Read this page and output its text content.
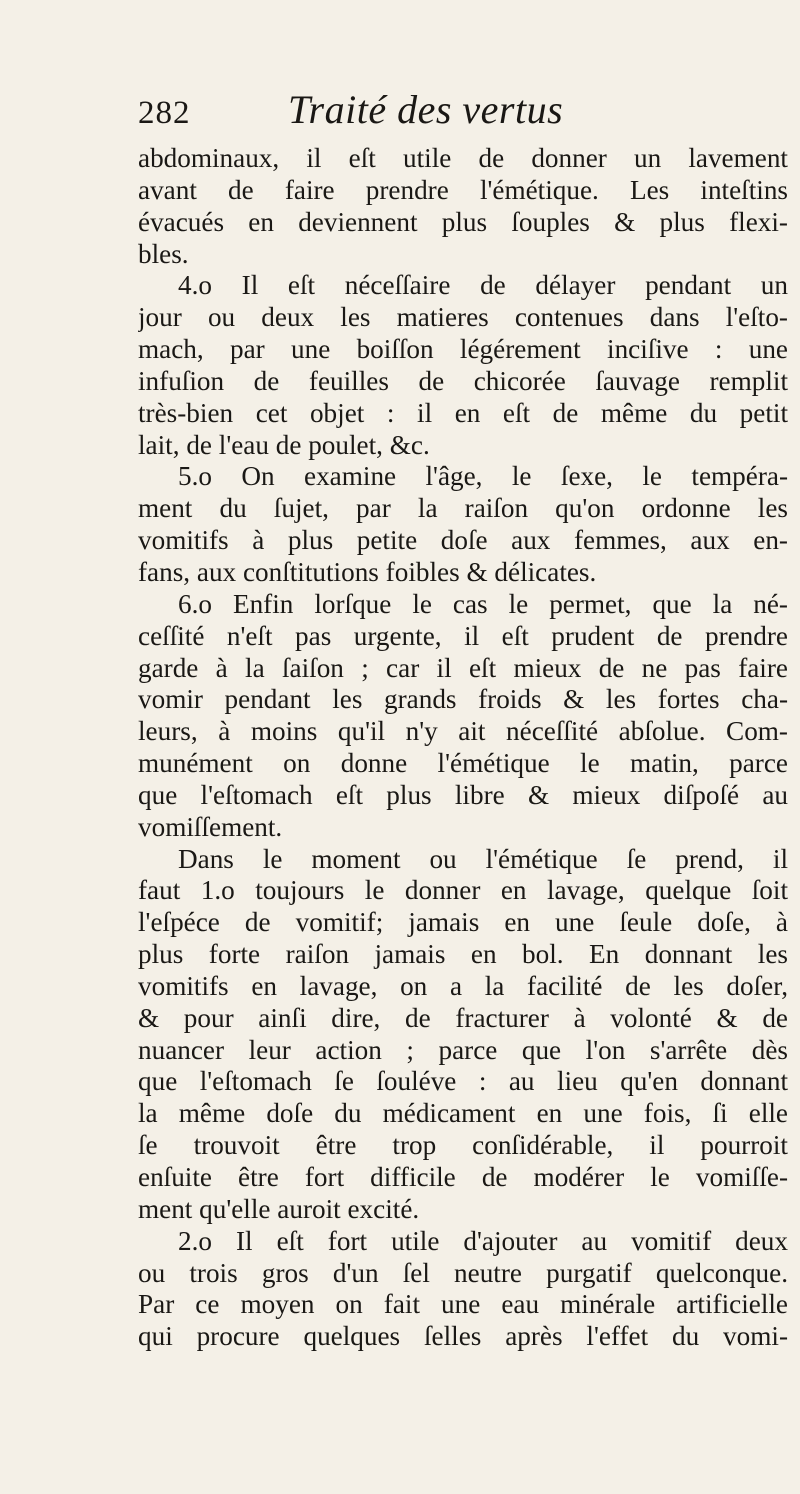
282	Traité des vertus
abdominaux, il eſt utile de donner un lavement
avant de faire prendre l'émétique. Les inteſtins
évacués en deviennent plus ſouples & plus flexi-
bles.
4.o Il eſt néceſſaire de délayer pendant un
jour ou deux les matieres contenues dans l'eſto-
mach, par une boiſſon légérement inciſive : une
infuſion de feuilles de chicorée ſauvage remplit
très-bien cet objet : il en eſt de même du petit
lait, de l'eau de poulet, &c.
5.o On examine l'âge, le ſexe, le tempéra-
ment du ſujet, par la raiſon qu'on ordonne les
vomitifs à plus petite doſe aux femmes, aux en-
fans, aux conſtitutions foibles & délicates.
6.o Enfin lorſque le cas le permet, que la né-
ceſſité n'eſt pas urgente, il eſt prudent de prendre
garde à la ſaiſon ; car il eſt mieux de ne pas faire
vomir pendant les grands froids & les fortes cha-
leurs, à moins qu'il n'y ait néceſſité abſolue. Com-
munément on donne l'émétique le matin, parce
que l'eſtomach eſt plus libre & mieux diſpoſé au
vomiſſement.
Dans le moment ou l'émétique ſe prend, il
faut 1.o toujours le donner en lavage, quelque ſoit
l'eſpéce de vomitif; jamais en une ſeule doſe, à
plus forte raiſon jamais en bol. En donnant les
vomitifs en lavage, on a la facilité de les doſer,
& pour ainſi dire, de fracturer à volonté & de
nuancer leur action ; parce que l'on s'arrête dès
que l'eſtomach ſe ſouléve : au lieu qu'en donnant
la même doſe du médicament en une fois, ſi elle
ſe trouvoit être trop conſidérable, il pourroit
enſuite être fort difficile de modérer le vomiſſe-
ment qu'elle auroit excité.
2.o Il eſt fort utile d'ajouter au vomitif deux
ou trois gros d'un ſel neutre purgatif quelconque.
Par ce moyen on fait une eau minérale artificielle
qui procure quelques ſelles après l'effet du vomi-
